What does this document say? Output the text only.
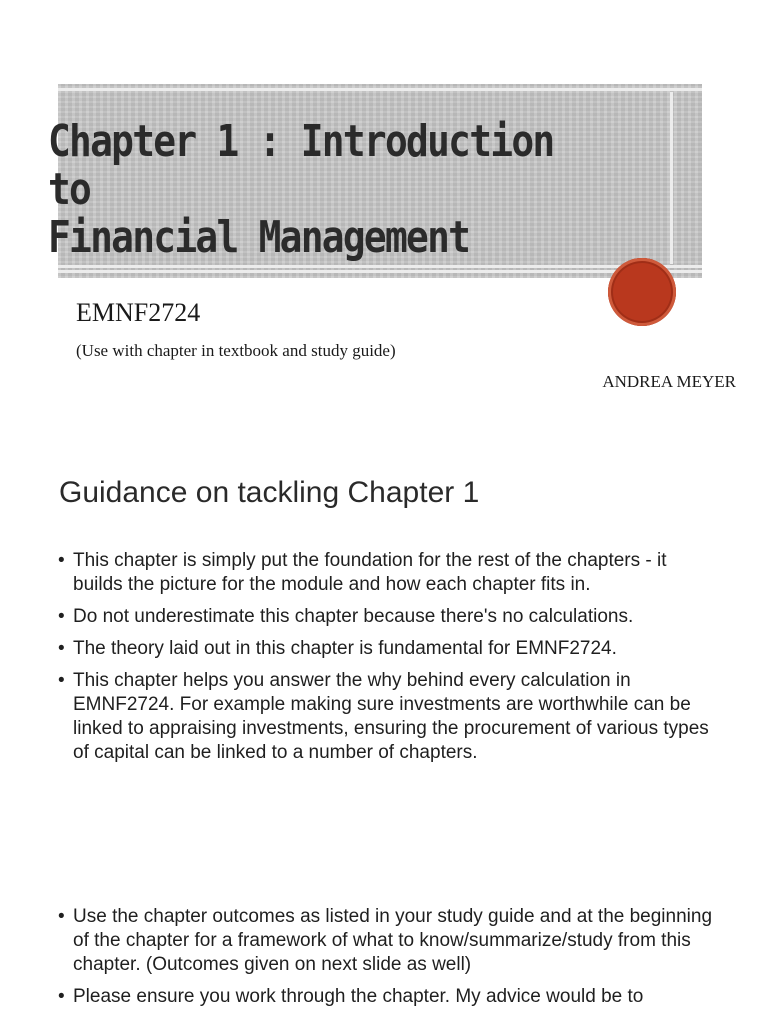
Chapter 1 : Introduction to
Financial Management
EMNF2724
(Use with chapter in textbook and study guide)
ANDREA MEYER
Guidance on tackling Chapter 1
• This chapter is simply put the foundation for the rest of the chapters - it builds the picture for the module and how each chapter fits in.
• Do not underestimate this chapter because there's no calculations.
• The theory laid out in this chapter is fundamental for EMNF2724.
• This chapter helps you answer the why behind every calculation in EMNF2724. For example making sure investments are worthwhile can be linked to appraising investments, ensuring the procurement of various types of capital can be linked to a number of chapters.
• Use the chapter outcomes as listed in your study guide and at the beginning of the chapter for a framework of what to know/summarize/study from this chapter. (Outcomes given on next slide as well)
• Please ensure you work through the chapter. My advice would be to
